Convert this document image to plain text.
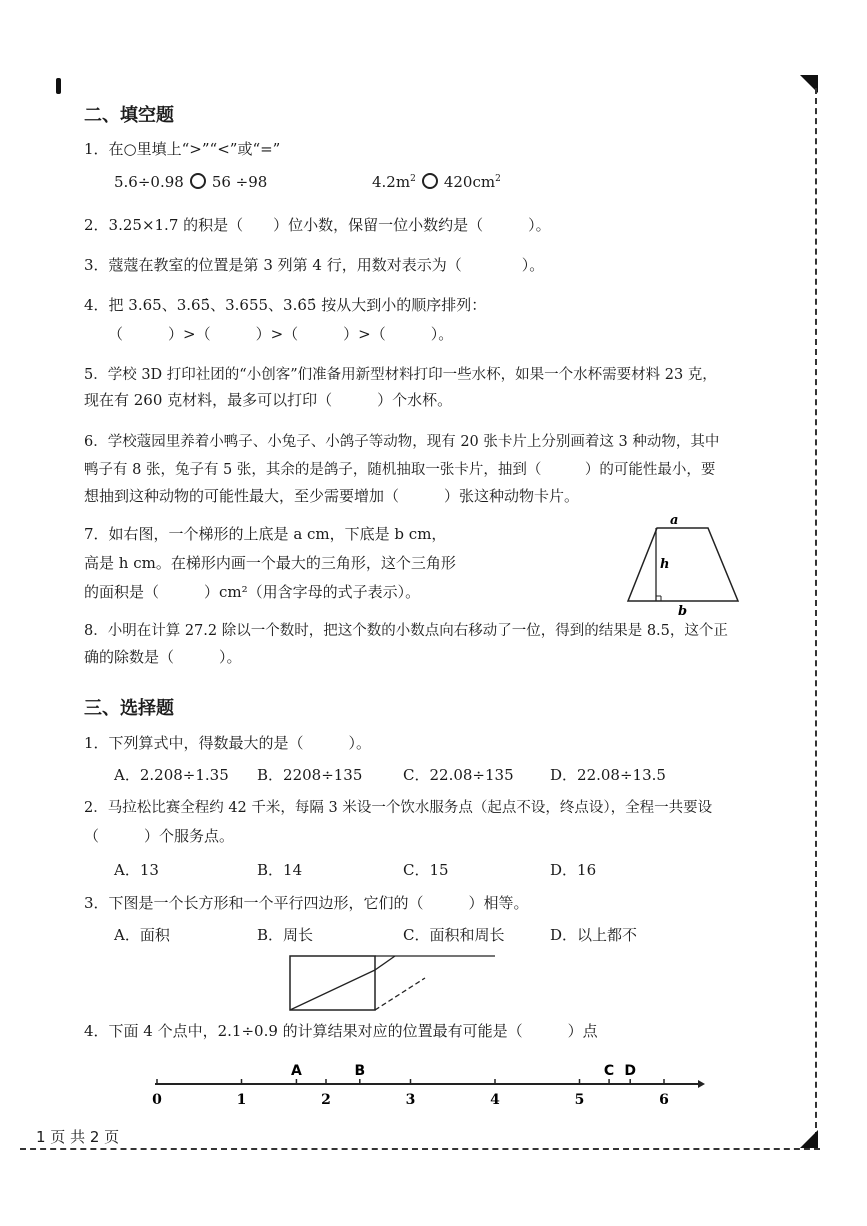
二、填空题
1．在○里填上“>”“<”或“=”
5.6÷0.98 56 ÷98	$4.2m^2$ $420cm^2$
2．3.25×1.7 的积是（　　）位小数，保留一位小数约是（　　　）。
3．蔻蔻在教室的位置是第 3 列第 4 行，用数对表示为（　　　　）。
4．把 3.65、3.65̇、3.655、3.6̇5̇ 按从大到小的顺序排列：
（　　　）>（　　　）>（　　　）>（　　　）。
5．学校 3D 打印社团的“小创客”们准备用新型材料打印一些水杯，如果一个水杯需要材料 23 克，
现在有 260 克材料，最多可以打印（　　　）个水杯。
6．学校蔻园里养着小鸭子、小兔子、小鸽子等动物，现有 20 张卡片上分别画着这 3 种动物，其中
鸭子有 8 张，兔子有 5 张，其余的是鸽子，随机抽取一张卡片，抽到（　　　）的可能性最小，要
想抽到这种动物的可能性最大，至少需要增加（　　　）张这种动物卡片。
7．如右图，一个梯形的上底是 a cm，下底是 b cm，
高是 h cm。在梯形内画一个最大的三角形，这个三角形
的面积是（　　　）cm²（用含字母的式子表示）。
a
h
b
8．小明在计算 27.2 除以一个数时，把这个数的小数点向右移动了一位，得到的结果是 8.5，这个正
确的除数是（　　　）。
三、选择题
1．下列算式中，得数最大的是（　　　）。
A．2.208÷1.35 B．2208÷135	C．22.08÷135 D．22.08÷13.5
2．马拉松比赛全程约 42 千米，每隔 3 米设一个饮水服务点（起点不设，终点设），全程一共要设
（　　　）个服务点。
A．13	B．14	C．15	D．16
3．下图是一个长方形和一个平行四边形，它们的（　　　）相等。
A．面积	B．周长	C．面积和周长	D．以上都不
4．下面 4 个点中，2.1÷0.9 的计算结果对应的位置最有可能是（　　　）点
0	1	2	3	4	5	6
A	B	C D
1 页 共 2 页
